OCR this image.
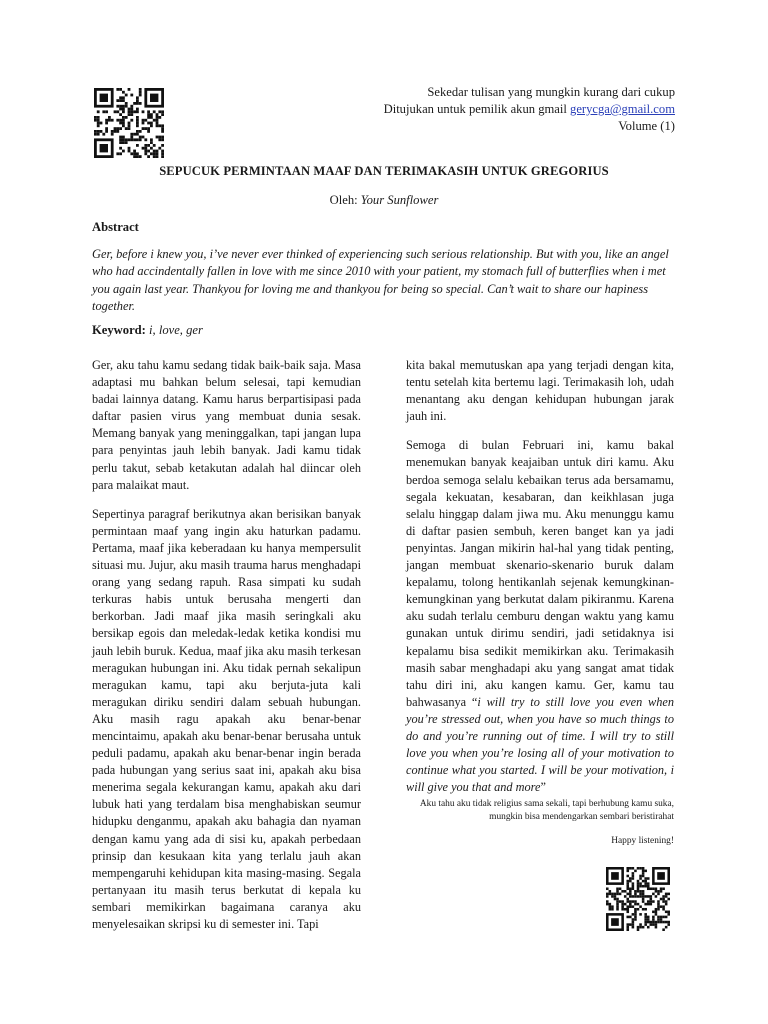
Sekedar tulisan yang mungkin kurang dari cukup
Ditujukan untuk pemilik akun gmail gerycga@gmail.com
Volume (1)
SEPUCUK PERMINTAAN MAAF DAN TERIMAKASIH UNTUK GREGORIUS
Oleh: Your Sunflower
Abstract
Ger, before i knew you, i’ve never ever thinked of experiencing such serious relationship. But with you, like an angel who had accindentally fallen in love with me since 2010 with your patient, my stomach full of butterflies when i met you again last year. Thankyou for loving me and thankyou for being so special. Can’t wait to share our hapiness together.
Keyword: i, love, ger

Ger, aku tahu kamu sedang tidak baik-baik saja. Masa adaptasi mu bahkan belum selesai, tapi kemudian badai lainnya datang. Kamu harus berpartisipasi pada daftar pasien virus yang membuat dunia sesak. Memang banyak yang meninggalkan, tapi jangan lupa para penyintas jauh lebih banyak. Jadi kamu tidak perlu takut, sebab ketakutan adalah hal diincar oleh para malaikat maut.

Sepertinya paragraf berikutnya akan berisikan banyak permintaan maaf yang ingin aku haturkan padamu. Pertama, maaf jika keberadaan ku hanya mempersulit situasi mu. Jujur, aku masih trauma harus menghadapi orang yang sedang rapuh. Rasa simpati ku sudah terkuras habis untuk berusaha mengerti dan berkorban. Jadi maaf jika masih seringkali aku bersikap egois dan meledak-ledak ketika kondisi mu jauh lebih buruk. Kedua, maaf jika aku masih terkesan meragukan hubungan ini. Aku tidak pernah sekalipun meragukan kamu, tapi aku berjuta-juta kali meragukan diriku sendiri dalam sebuah hubungan. Aku masih ragu apakah aku benar-benar mencintaimu, apakah aku benar-benar berusaha untuk peduli padamu, apakah aku benar-benar ingin berada pada hubungan yang serius saat ini, apakah aku bisa menerima segala kekurangan kamu, apakah aku dari lubuk hati yang terdalam bisa menghabiskan seumur hidupku denganmu, apakah aku bahagia dan nyaman dengan kamu yang ada di sisi ku, apakah perbedaan prinsip dan kesukaan kita yang terlalu jauh akan mempengaruhi kehidupan kita masing-masing. Segala pertanyaan itu masih terus berkutat di kepala ku sembari memikirkan bagaimana caranya aku menyelesaikan skripsi ku di semester ini. Tapi

kita bakal memutuskan apa yang terjadi dengan kita, tentu setelah kita bertemu lagi. Terimakasih loh, udah menantang aku dengan kehidupan hubungan jarak jauh ini.

Semoga di bulan Februari ini, kamu bakal menemukan banyak keajaiban untuk diri kamu. Aku berdoa semoga selalu kebaikan terus ada bersamamu, segala kekuatan, kesabaran, dan keikhlasan juga selalu hinggap dalam jiwa mu. Aku menunggu kamu di daftar pasien sembuh, keren banget kan ya jadi penyintas. Jangan mikirin hal-hal yang tidak penting, jangan membuat skenario-skenario buruk dalam kepalamu, tolong hentikanlah sejenak kemungkinan-kemungkinan yang berkutat dalam pikiranmu. Karena aku sudah terlalu cemburu dengan waktu yang kamu gunakan untuk dirimu sendiri, jadi setidaknya isi kepalamu bisa sedikit memikirkan aku. Terimakasih masih sabar menghadapi aku yang sangat amat tidak tahu diri ini, aku kangen kamu. Ger, kamu tau bahwasanya “i will try to still love you even when you’re stressed out, when you have so much things to do and you’re running out of time. I will try to still love you when you’re losing all of your motivation to continue what you started. I will be your motivation, i will give you that and more”

Aku tahu aku tidak religius sama sekali, tapi berhubung kamu suka, mungkin bisa mendengarkan sembari beristirahat
Happy listening!
